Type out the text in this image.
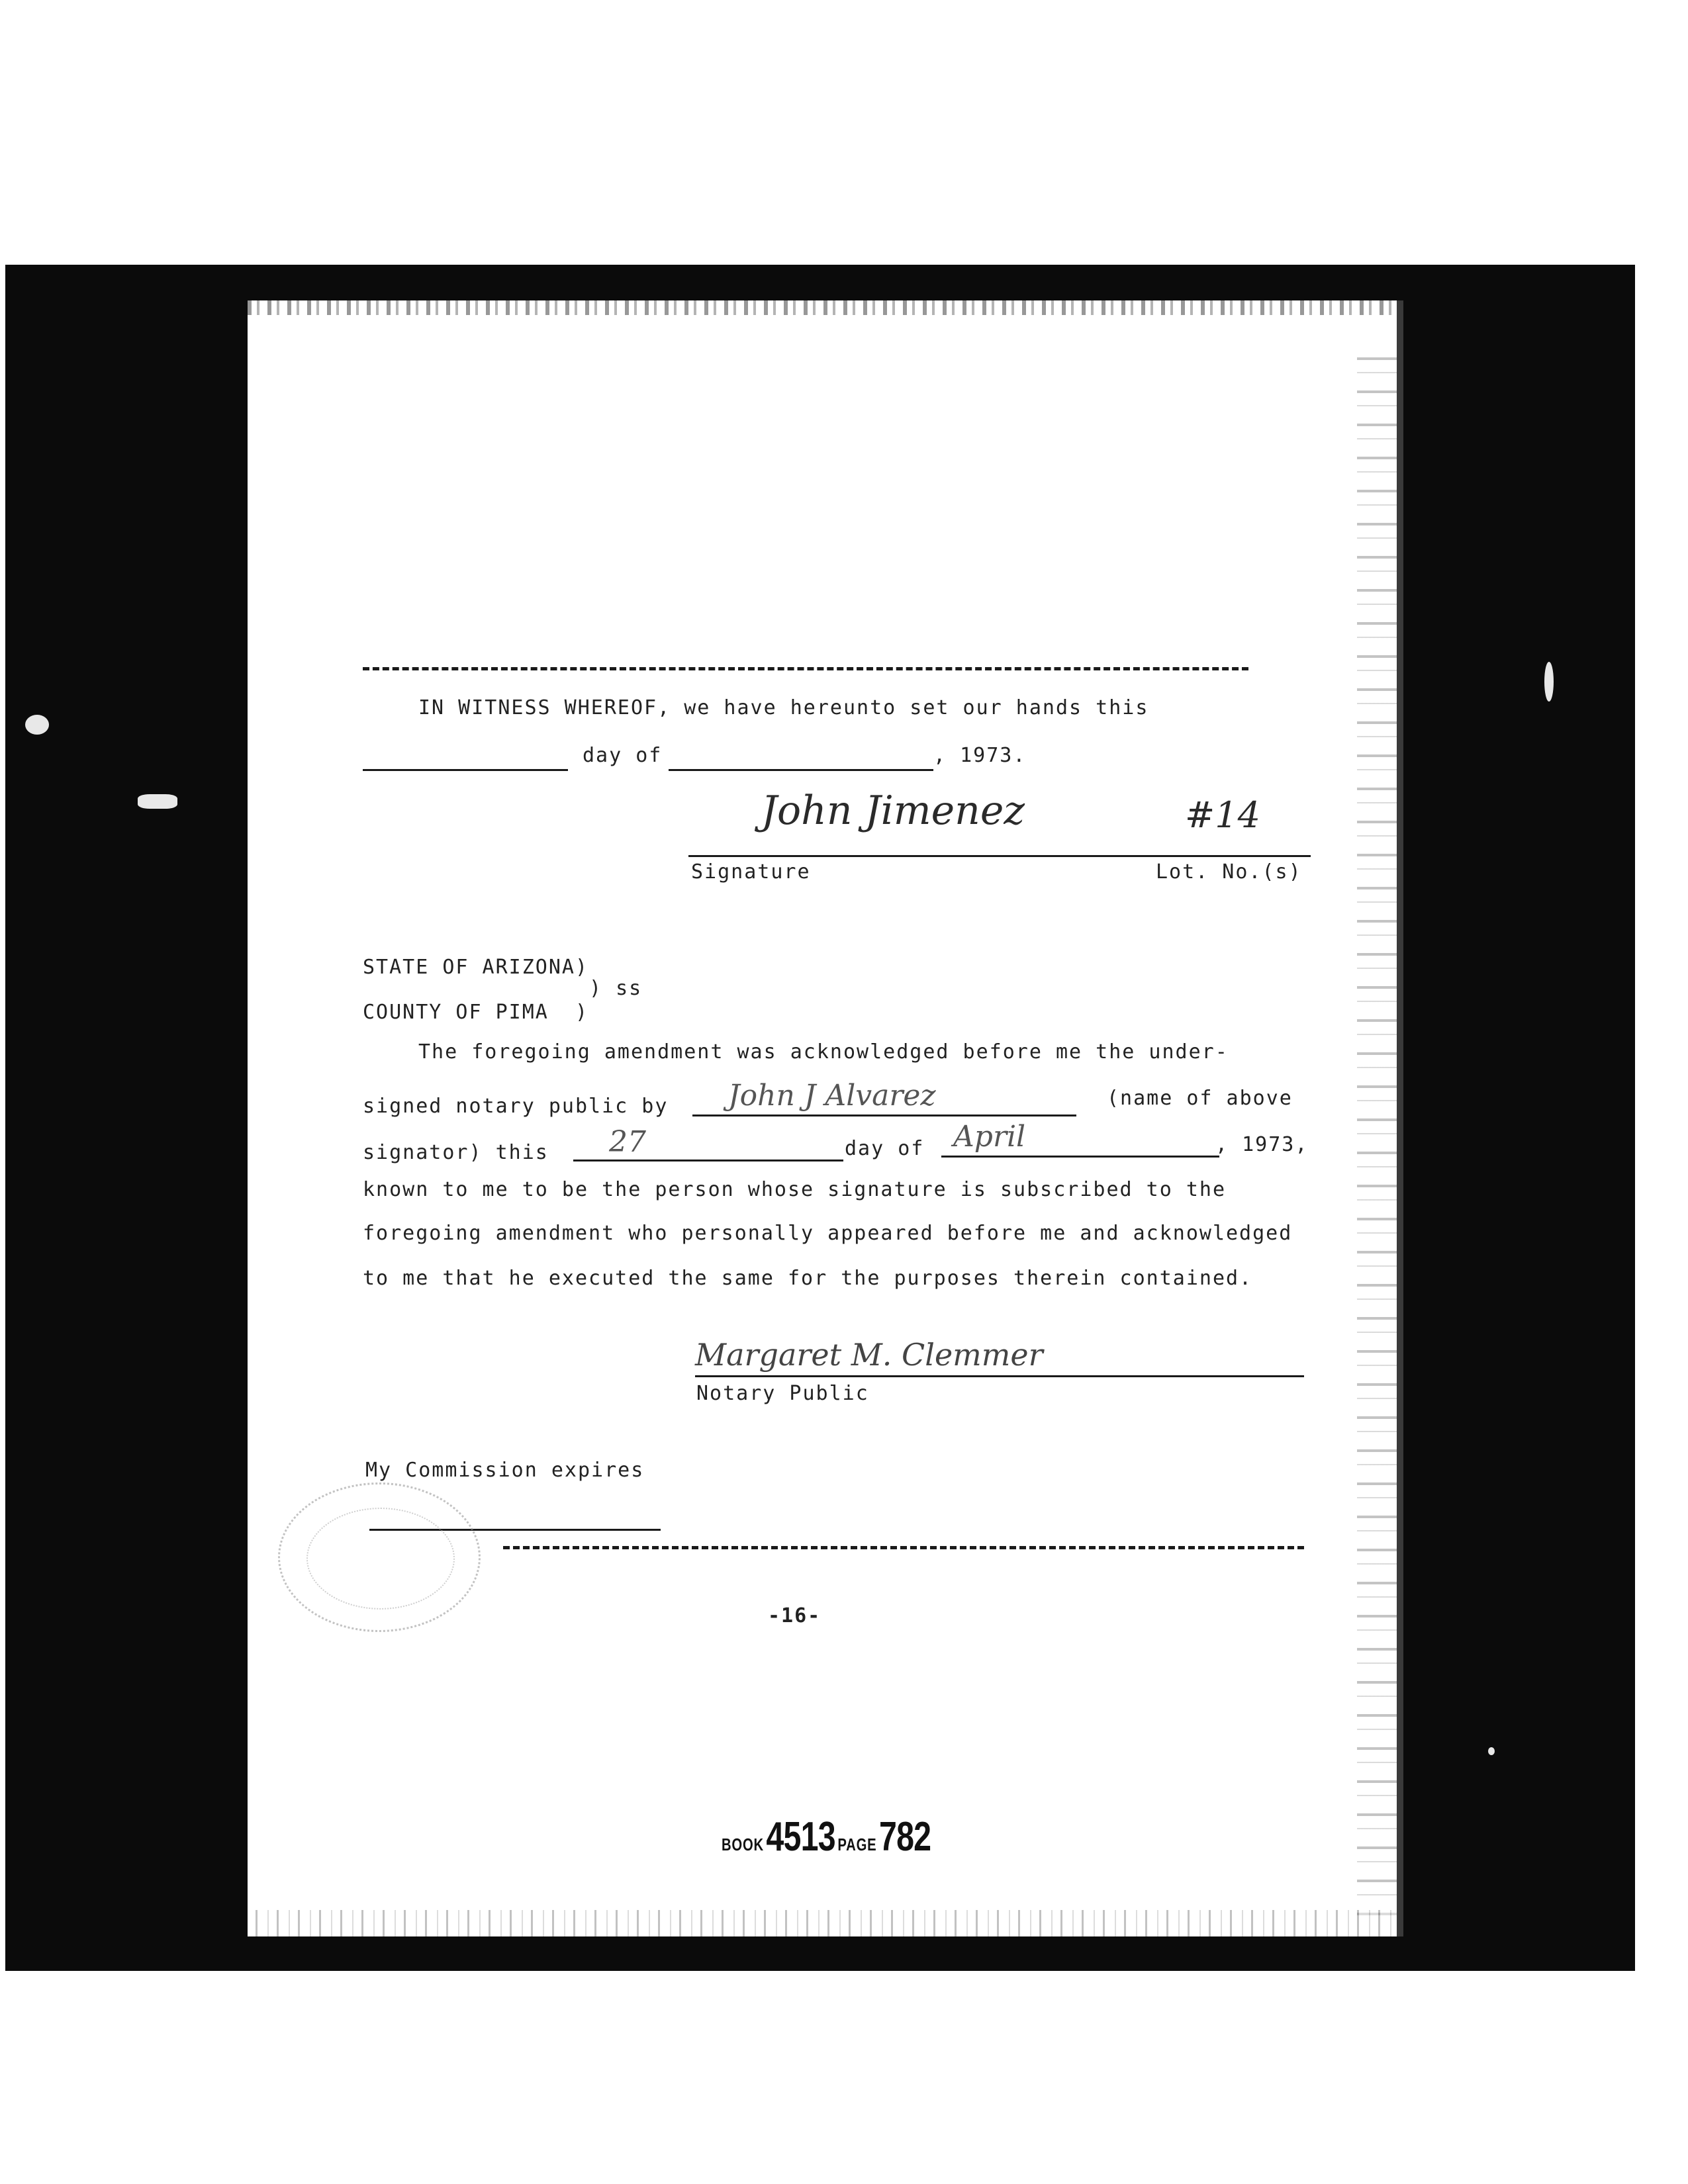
IN WITNESS WHEREOF, we have hereunto set our hands this
day of	, 1973.
John Jimenez	#14
Signature	Lot. No.(s)
STATE OF ARIZONA)
) ss
COUNTY OF PIMA  )
The foregoing amendment was acknowledged before me the under-
signed notary public by John J Alvarez	(name of above
signator) this 27	day of April	, 1973,
known to me to be the person whose signature is subscribed to the
foregoing amendment who personally appeared before me and acknowledged
to me that he executed the same for the purposes therein contained.
Margaret M. Clemmer
Notary Public
My Commission expires
-16-
BOOK 4513 PAGE 782
